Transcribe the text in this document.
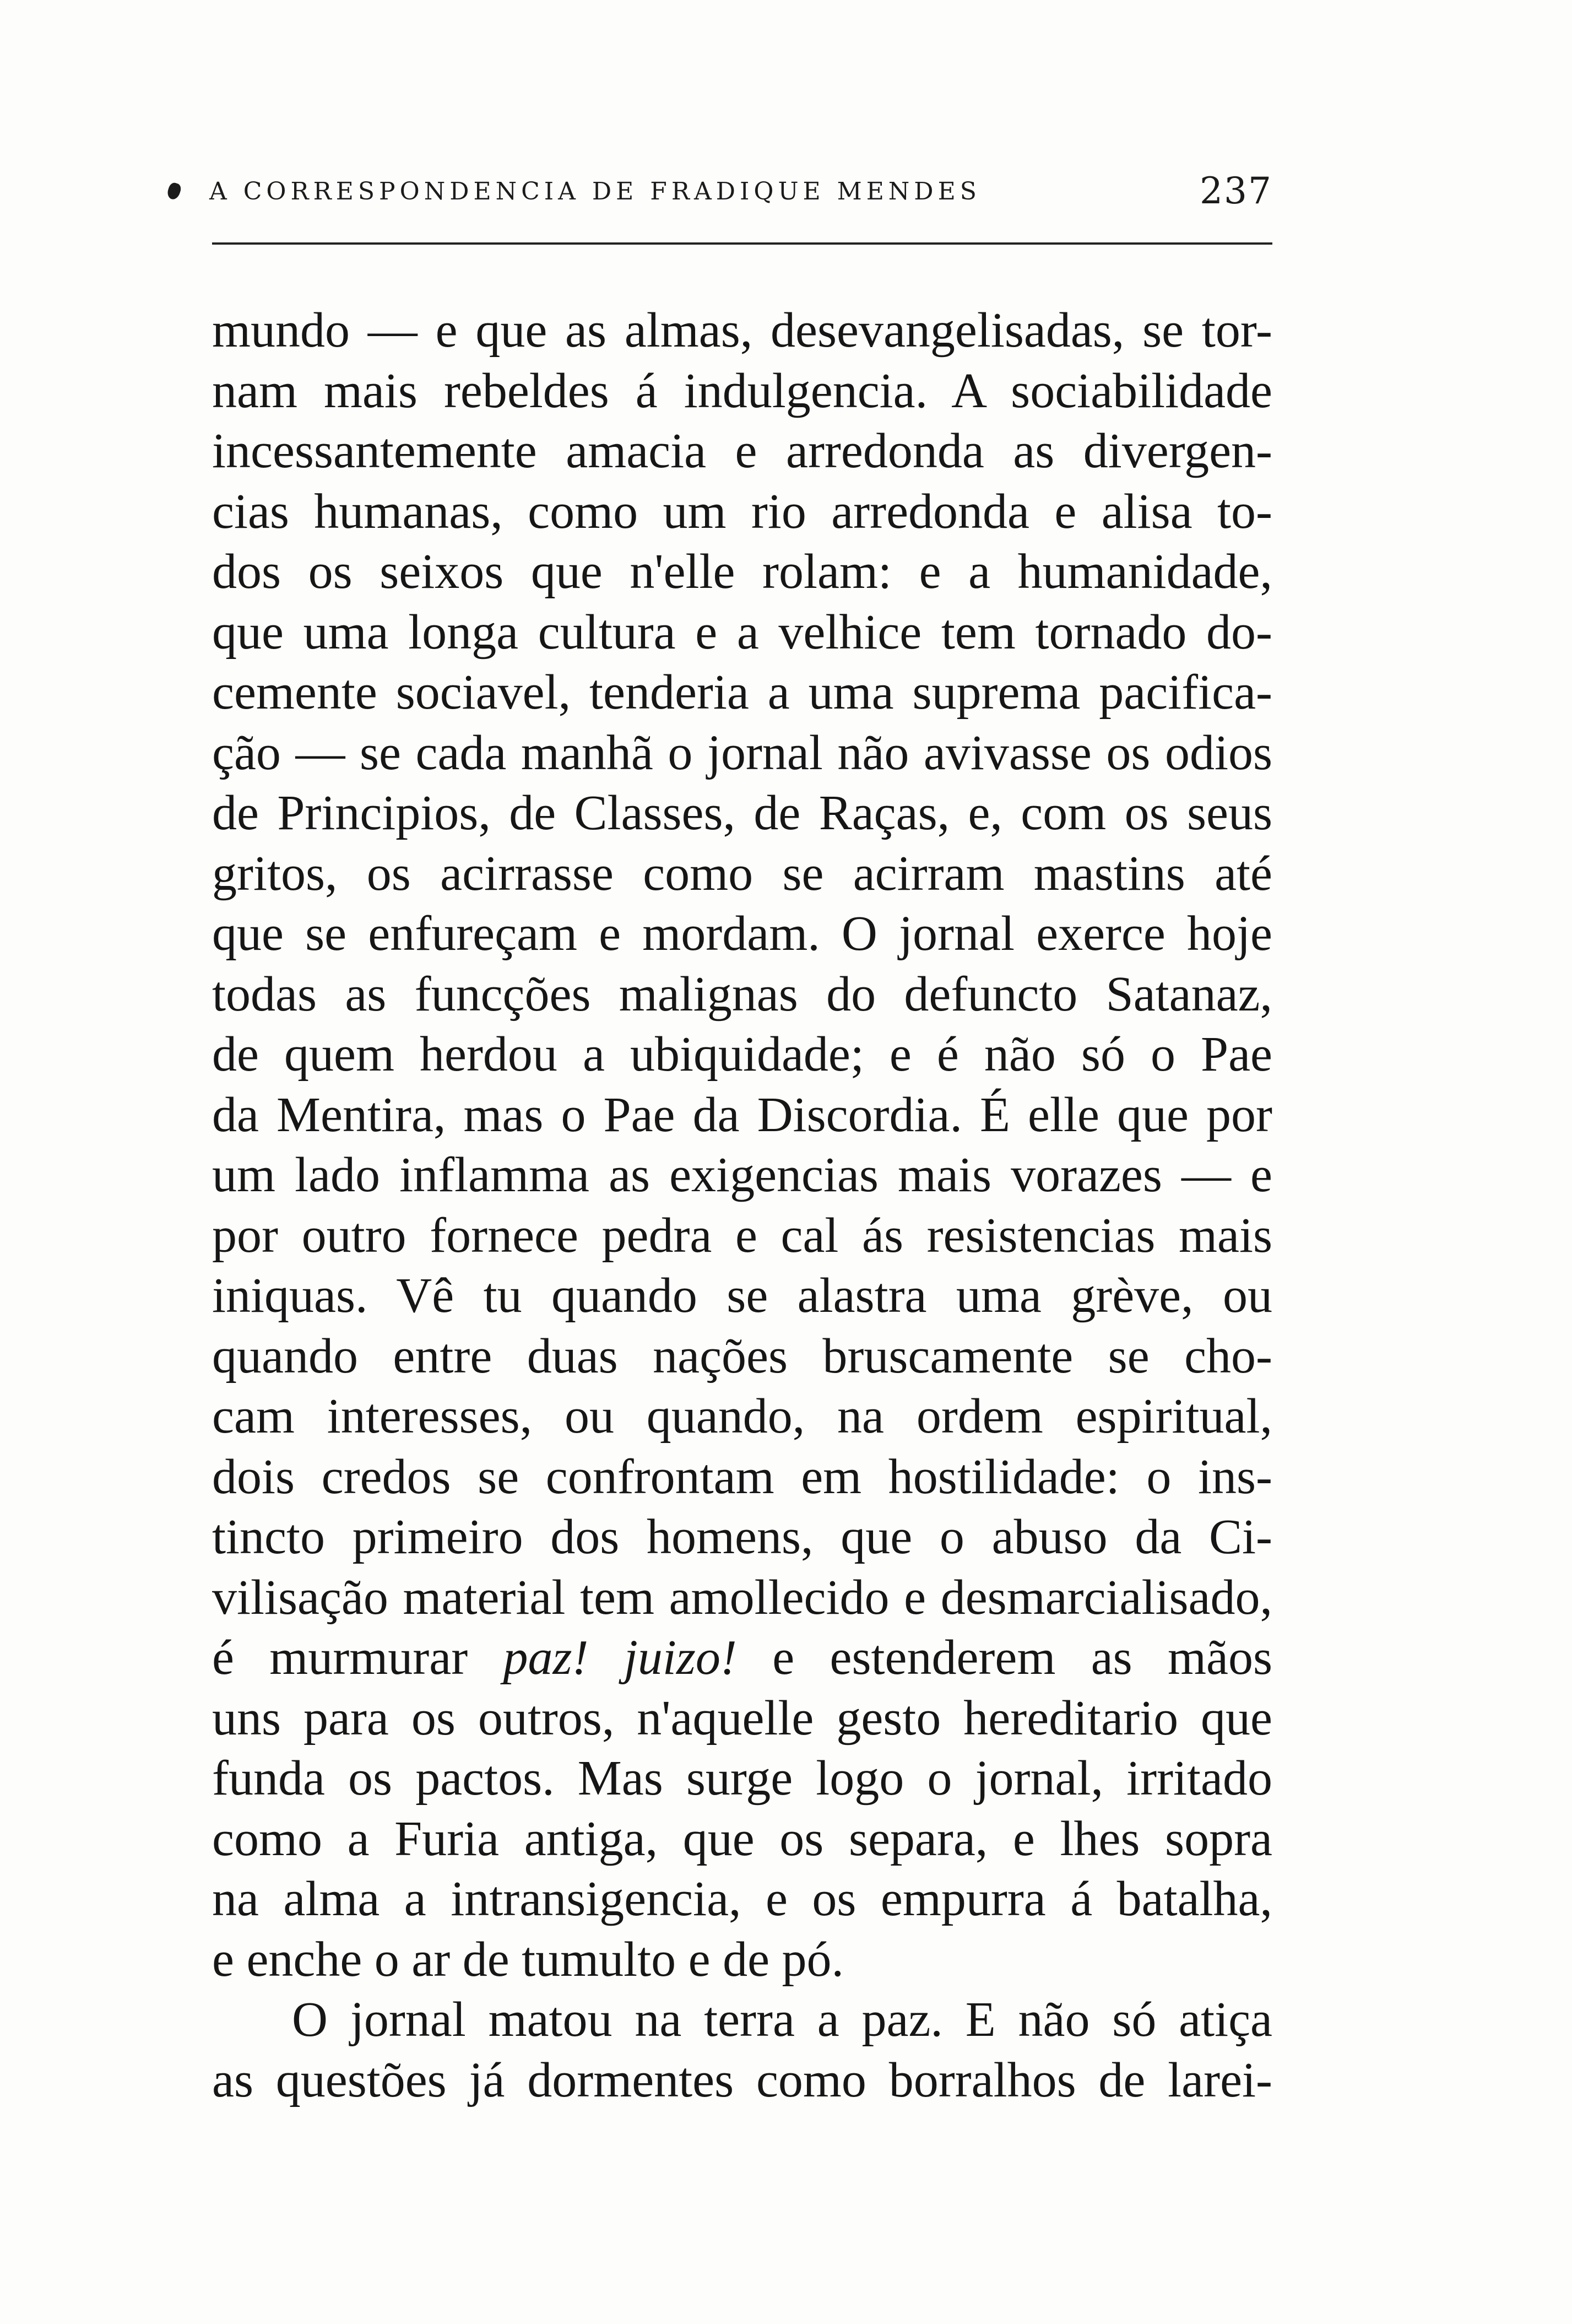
A CORRESPONDENCIA DE FRADIQUE MENDES	237
mundo — e que as almas, desevangelisadas, se tor-
nam mais rebeldes á indulgencia. A sociabilidade
incessantemente amacia e arredonda as divergen-
cias humanas, como um rio arredonda e alisa to-
dos os seixos que n'elle rolam: e a humanidade,
que uma longa cultura e a velhice tem tornado do-
cemente sociavel, tenderia a uma suprema pacifica-
ção — se cada manhã o jornal não avivasse os odios
de Principios, de Classes, de Raças, e, com os seus
gritos, os acirrasse como se acirram mastins até
que se enfureçam e mordam. O jornal exerce hoje
todas as funcções malignas do defuncto Satanaz,
de quem herdou a ubiquidade; e é não só o Pae
da Mentira, mas o Pae da Discordia. É elle que por
um lado inflamma as exigencias mais vorazes — e
por outro fornece pedra e cal ás resistencias mais
iniquas. Vê tu quando se alastra uma grève, ou
quando entre duas nações bruscamente se cho-
cam interesses, ou quando, na ordem espiritual,
dois credos se confrontam em hostilidade: o ins-
tincto primeiro dos homens, que o abuso da Ci-
vilisação material tem amollecido e desmarcialisado,
é murmurar paz! juizo! e estenderem as mãos
uns para os outros, n'aquelle gesto hereditario que
funda os pactos. Mas surge logo o jornal, irritado
como a Furia antiga, que os separa, e lhes sopra
na alma a intransigencia, e os empurra á batalha,
e enche o ar de tumulto e de pó.
O jornal matou na terra a paz. E não só atiça
as questões já dormentes como borralhos de larei-
